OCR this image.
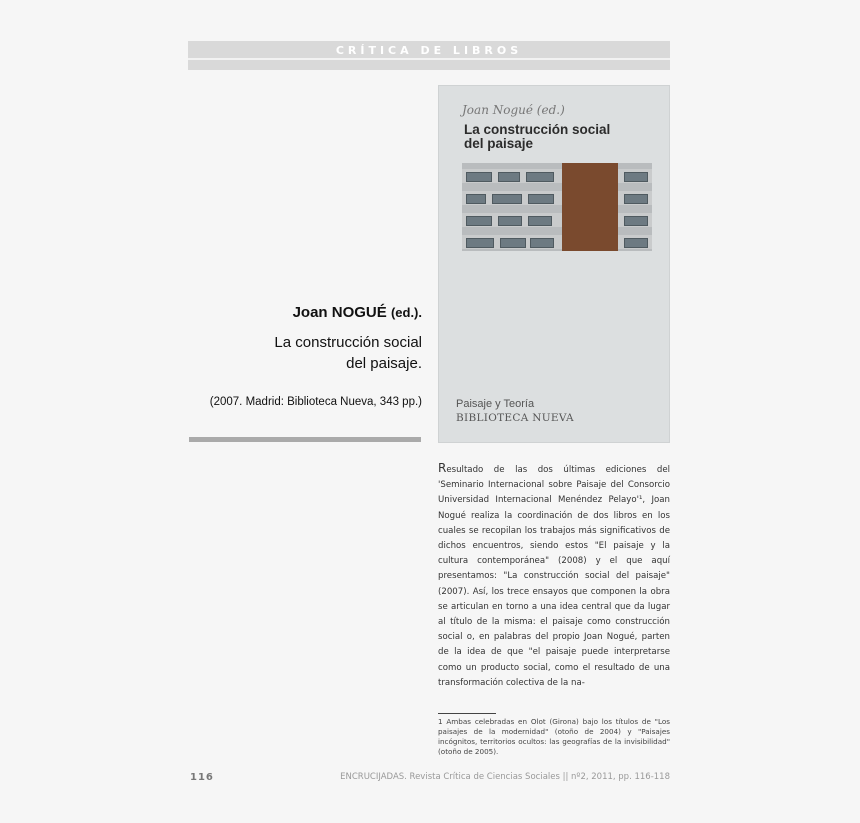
CRÍTICA DE LIBROS
Joan Nogué (ed.)
La construcción social
del paisaje
Paisaje y Teoría
BIBLIOTECA NUEVA
Joan NOGUÉ (ed.).
La construcción social
del paisaje.
(2007. Madrid: Biblioteca Nueva, 343 pp.)
Resultado de las dos últimas ediciones del 'Seminario Internacional sobre Paisaje del Consorcio Universidad Internacional Menéndez Pelayo'¹, Joan Nogué realiza la coordinación de dos libros en los cuales se recopilan los trabajos más significativos de dichos encuentros, siendo estos "El paisaje y la cultura contemporánea" (2008) y el que aquí presentamos: "La construcción social del paisaje" (2007). Así, los trece ensayos que componen la obra se articulan en torno a una idea central que da lugar al título de la misma: el paisaje como construcción social o, en palabras del propio Joan Nogué, parten de la idea de que "el paisaje puede interpretarse como un producto social, como el resultado de una transformación colectiva de la na-
1 Ambas celebradas en Olot (Girona) bajo los títulos de "Los paisajes de la modernidad" (otoño de 2004) y "Paisajes incógnitos, territorios ocultos: las geografías de la invisibilidad" (otoño de 2005).
116	ENCRUCIJADAS. Revista Crítica de Ciencias Sociales || nº2, 2011, pp. 116-118
